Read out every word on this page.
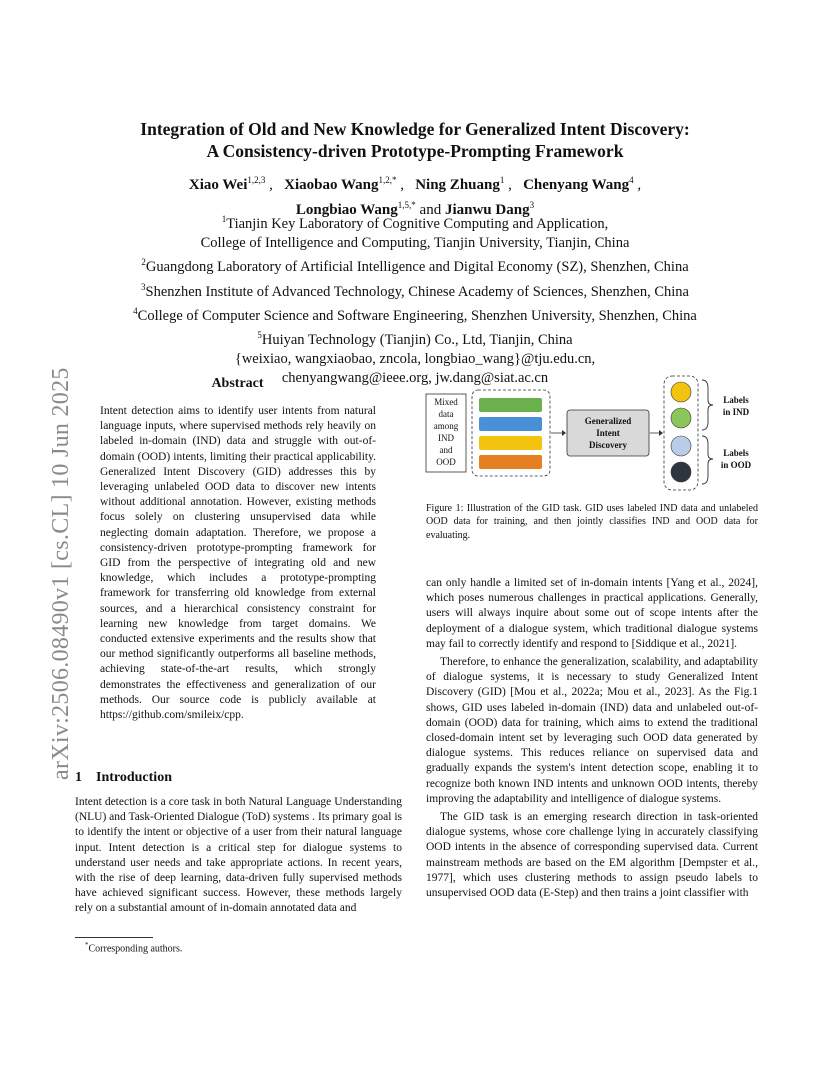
arXiv:2506.08490v1 [cs.CL] 10 Jun 2025
Integration of Old and New Knowledge for Generalized Intent Discovery:
A Consistency-driven Prototype-Prompting Framework
Xiao Wei$^{1,2,3}$ ,   Xiaobao Wang$^{1,2,*}$ ,   Ning Zhuang$^1$ ,   Chenyang Wang$^4$ ,
Longbiao Wang$^{1,5,*}$ and Jianwu Dang$^3$

$^1$Tianjin Key Laboratory of Cognitive Computing and Application,

College of Intelligence and Computing, Tianjin University, Tianjin, China

$^2$Guangdong Laboratory of Artificial Intelligence and Digital Economy (SZ), Shenzhen, China

$^3$Shenzhen Institute of Advanced Technology, Chinese Academy of Sciences, Shenzhen, China

$^4$College of Computer Science and Software Engineering, Shenzhen University, Shenzhen, China

$^5$Huiyan Technology (Tianjin) Co., Ltd, Tianjin, China

{weixiao, wangxiaobao, zncola, longbiao_wang}@tju.edu.cn,

chenyangwang@ieee.org, jw.dang@siat.ac.cn

Abstract
Intent detection aims to identify user intents from natural language inputs, where supervised methods rely heavily on labeled in-domain (IND) data and struggle with out-of-domain (OOD) intents, limiting their practical applicability. Generalized Intent Discovery (GID) addresses this by leveraging unlabeled OOD data to discover new intents without additional annotation. However, existing methods focus solely on clustering unsupervised data while neglecting domain adaptation. Therefore, we propose a consistency-driven prototype-prompting framework for GID from the perspective of integrating old and new knowledge, which includes a prototype-prompting framework for transferring old knowledge from external sources, and a hierarchical consistency constraint for learning new knowledge from target domains. We conducted extensive experiments and the results show that our method significantly outperforms all baseline methods, achieving state-of-the-art results, which strongly demonstrates the effectiveness and generalization of our methods. Our source code is publicly available at https://github.com/smileix/cpp.
1 Introduction

Intent detection is a core task in both Natural Language Understanding (NLU) and Task-Oriented Dialogue (ToD) systems . Its primary goal is to identify the intent or objective of a user from their natural language input. Intent detection is a critical step for dialogue systems to understand user needs and take appropriate actions. In recent years, with the rise of deep learning, data-driven fully supervised methods have achieved significant success. However, these methods largely rely on a substantial amount of in-domain annotated data and

*Corresponding authors.
Mixed
data
among
IND
and
OOD
Generalized
Intent
Discovery
Labels
in IND
Labels
in OOD
Figure 1: Illustration of the GID task. GID uses labeled IND data and unlabeled OOD data for training, and then jointly classifies IND and OOD data for evaluating.

can only handle a limited set of in-domain intents [Yang et al., 2024], which poses numerous challenges in practical applications. Generally, users will always inquire about some out of scope intents after the deployment of a dialogue system, which traditional dialogue systems may fail to correctly identify and respond to [Siddique et al., 2021].

Therefore, to enhance the generalization, scalability, and adaptability of dialogue systems, it is necessary to study Generalized Intent Discovery (GID) [Mou et al., 2022a; Mou et al., 2023]. As the Fig.1 shows, GID uses labeled in-domain (IND) data and unlabeled out-of-domain (OOD) data for training, which aims to extend the traditional closed-domain intent set by leveraging such OOD data generated by dialogue systems. This reduces reliance on supervised data and gradually expands the system's intent detection scope, enabling it to recognize both known IND intents and unknown OOD intents, thereby improving the adaptability and intelligence of dialogue systems.

The GID task is an emerging research direction in task-oriented dialogue systems, whose core challenge lying in accurately classifying OOD intents in the absence of corresponding supervised data. Current mainstream methods are based on the EM algorithm [Dempster et al., 1977], which uses clustering methods to assign pseudo labels to unsupervised OOD data (E-Step) and then trains a joint classifier with
